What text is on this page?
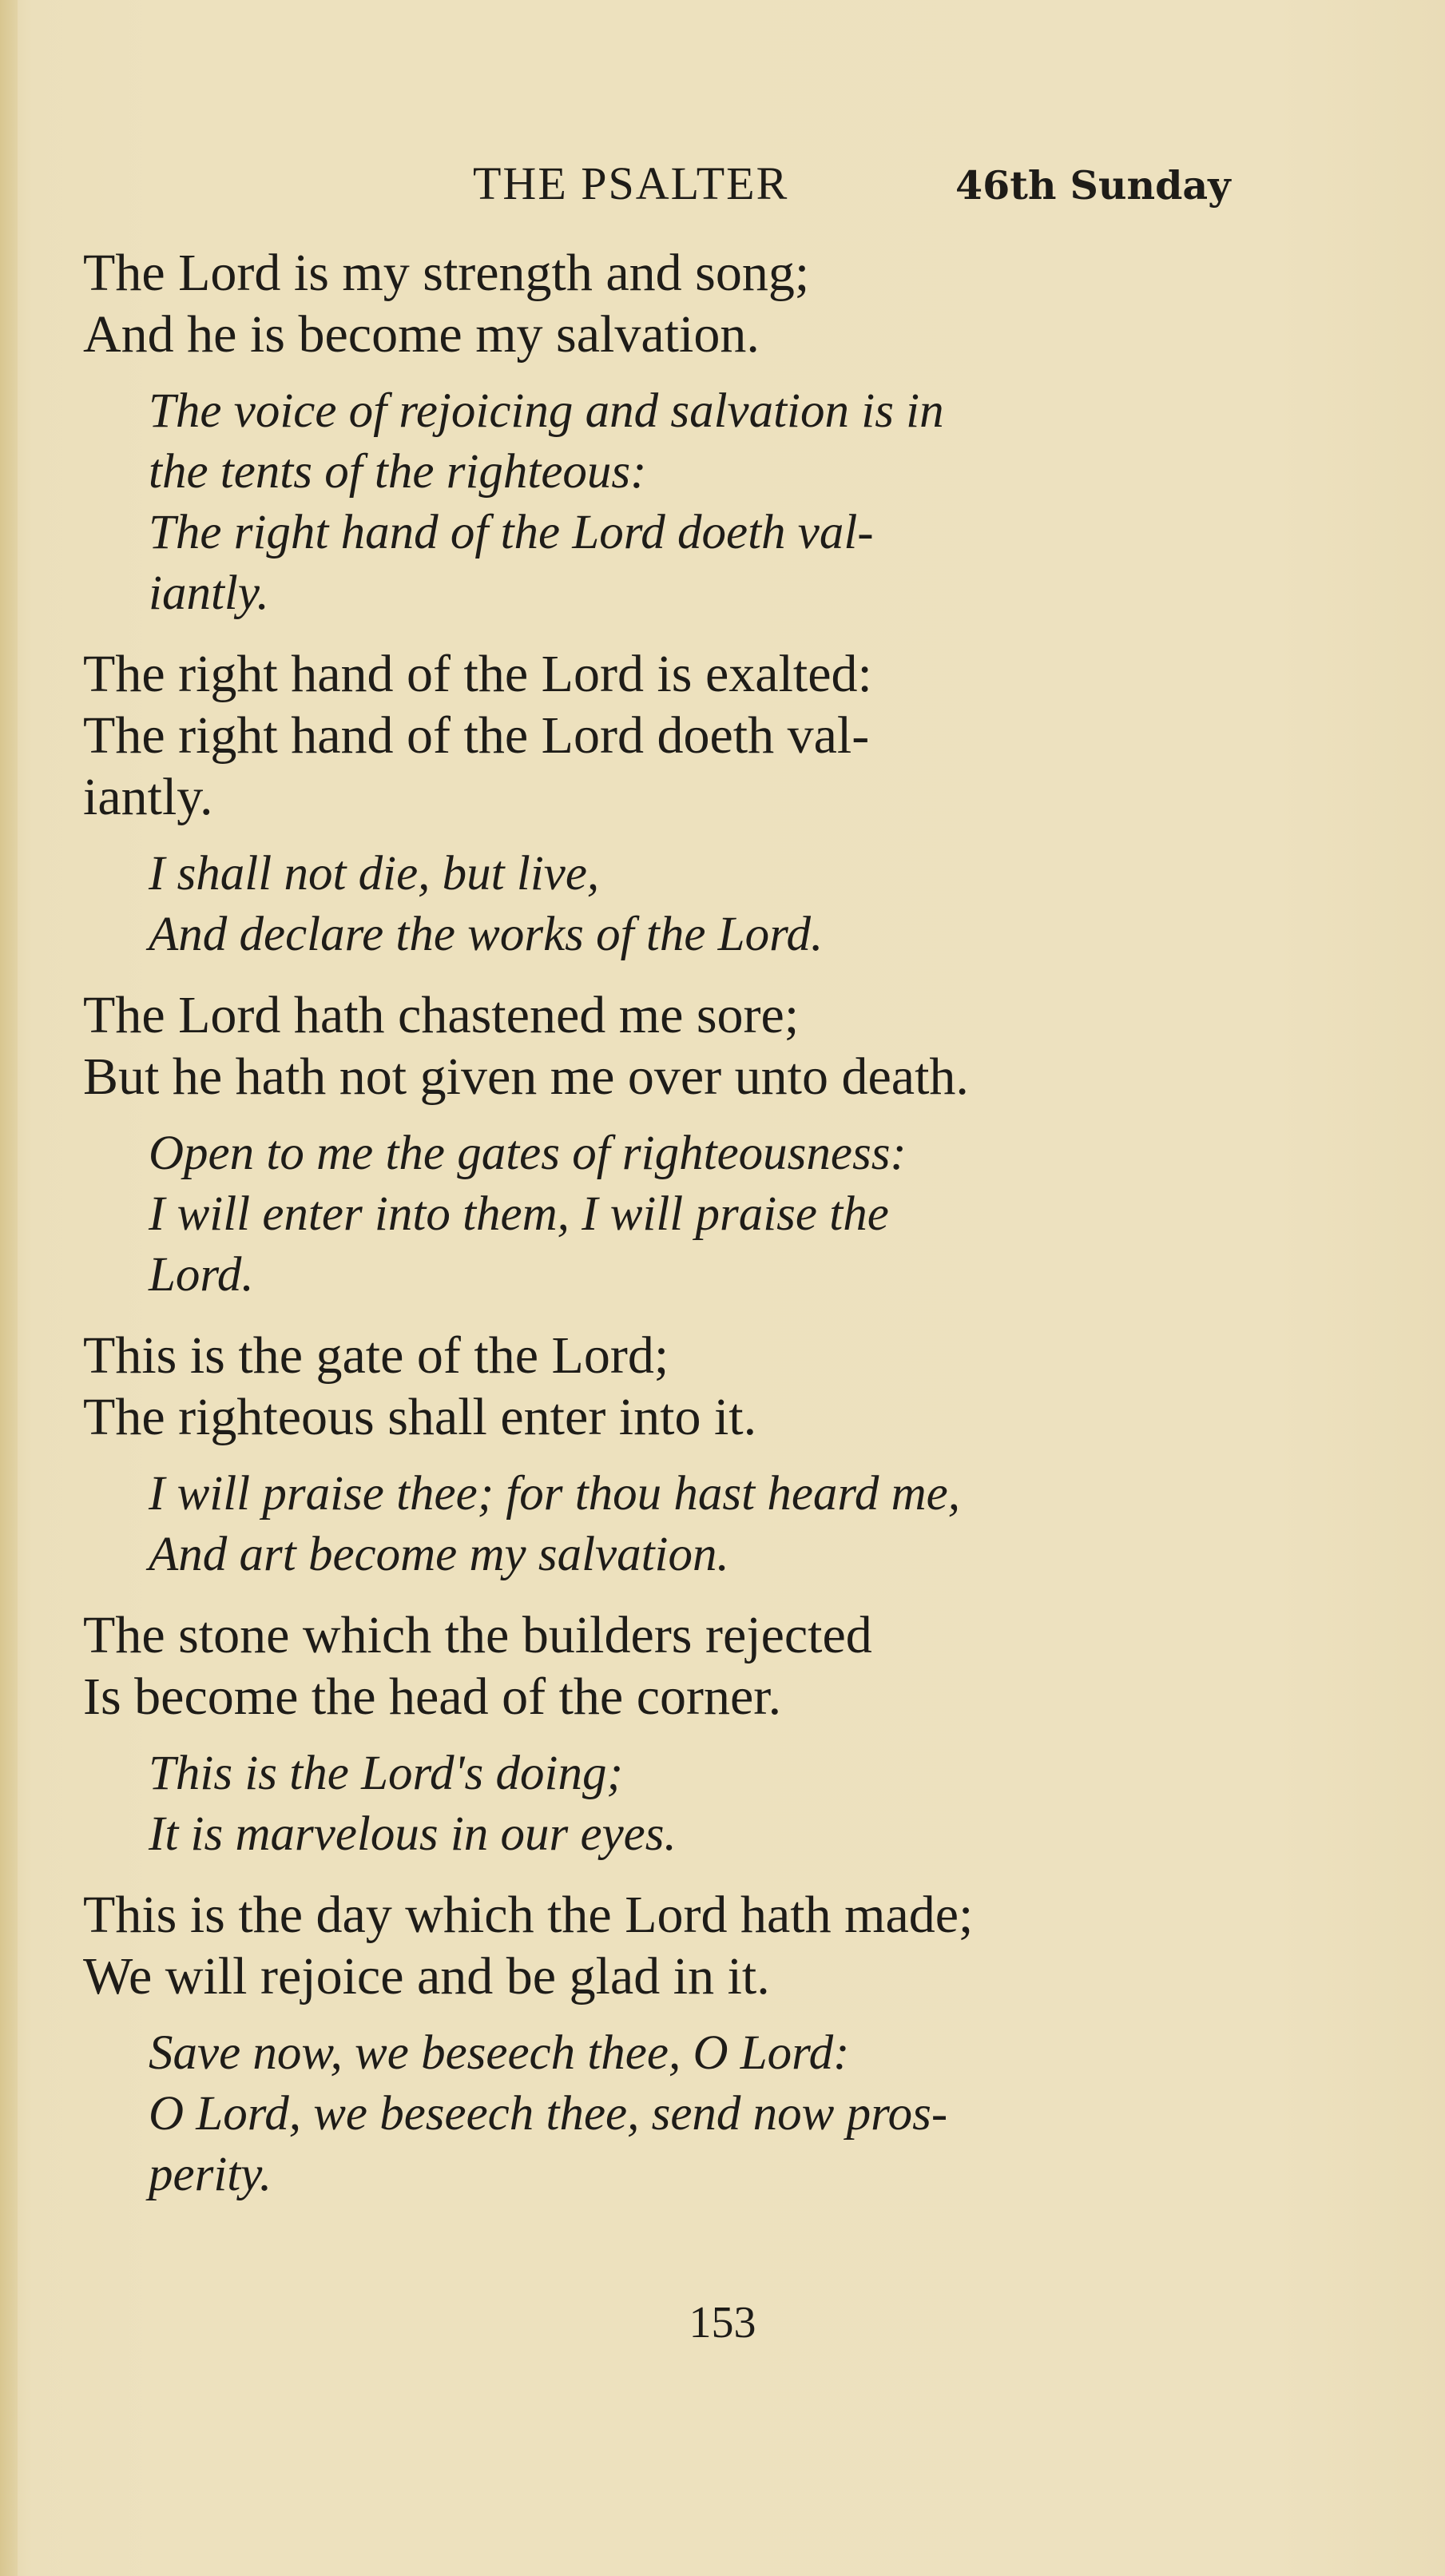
THE PSALTER	46th Sunday
The Lord is my strength and song;
And he is become my salvation.
The voice of rejoicing and salvation is in
the tents of the righteous:
The right hand of the Lord doeth val-
iantly.
The right hand of the Lord is exalted:
The right hand of the Lord doeth val-
iantly.
I shall not die, but live,
And declare the works of the Lord.
The Lord hath chastened me sore;
But he hath not given me over unto death.
Open to me the gates of righteousness:
I will enter into them, I will praise the
Lord.
This is the gate of the Lord;
The righteous shall enter into it.
I will praise thee; for thou hast heard me,
And art become my salvation.
The stone which the builders rejected
Is become the head of the corner.
This is the Lord's doing;
It is marvelous in our eyes.
This is the day which the Lord hath made;
We will rejoice and be glad in it.
Save now, we beseech thee, O Lord:
O Lord, we beseech thee, send now pros-
perity.
153
